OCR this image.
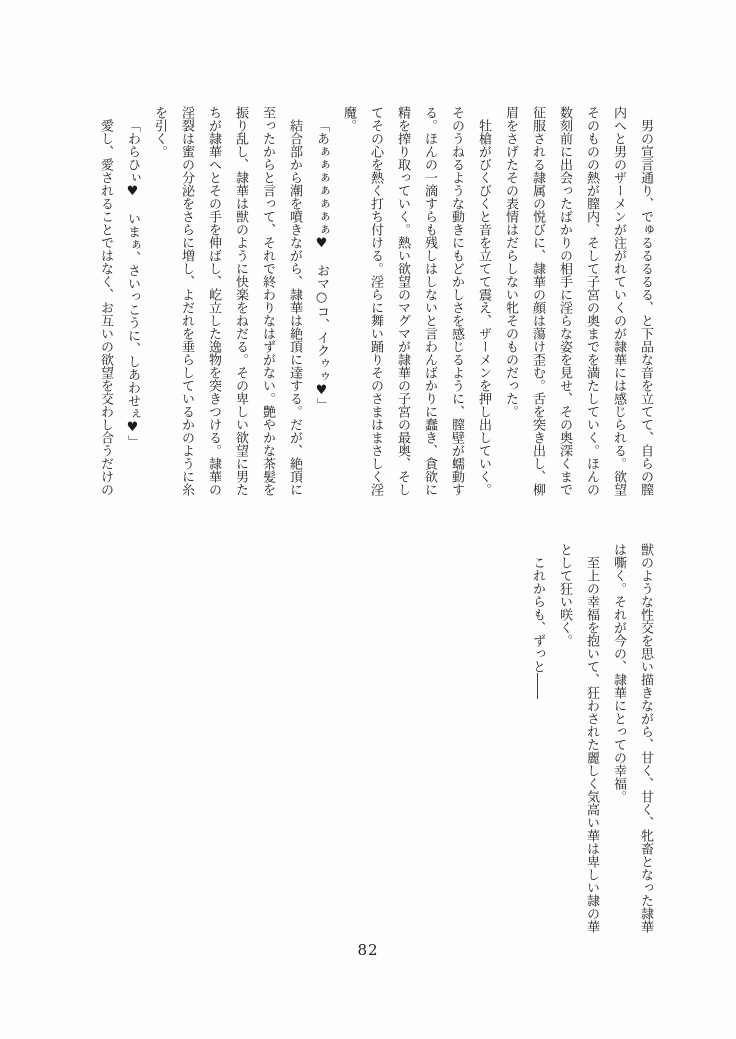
男の宣言通り、でゅるるるるる、と下品な音を立てて、自らの膣内へと男のザーメンが注がれていくのが隷華には感じられる。欲望そのものの熱が膣内、そして子宮の奥までを満たしていく。ほんの数刻前に出会ったばかりの相手に淫らな姿を見せ、その奥深くまで征服される隷属の悦びに、隷華の顔は蕩け歪む。舌を突き出し、柳眉をさげたその表情はだらしない牝そのものだった。

牡槍がびくびくと音を立てて震え、ザーメンを押し出していく。そのうねるような動きにもどかしさを感じるように、膣壁が蠕動する。ほんの一滴すらも残しはしないと言わんばかりに蠢き、貪欲に精を搾り取っていく。熱い欲望のマグマが隷華の子宮の最奥、そしてその心を熱く打ち付ける。淫らに舞い踊りそのさまはまさしく淫魔。

「あぁぁぁぁぁぁぁ♥　おマ○コ、イクゥゥ♥」

結合部から潮を噴きながら、隷華は絶頂に達する。だが、絶頂に至ったからと言って、それで終わりなはずがない。艶やかな茶髪を振り乱し、隷華は獣のように快楽をねだる。その卑しい欲望に男たちが隷華へとその手を伸ばし、屹立した逸物を突きつける。隷華の淫裂は蜜の分泌をさらに増し、よだれを垂らしているかのように糸を引く。

「わらひぃ♥　いまぁ、さいっこうに、しあわせぇ♥」

愛し、愛されることではなく、お互いの欲望を交わし合うだけの

獣のような性交を思い描きながら、甘く、甘く、牝畜となった隷華は嘶く。それが今の、隷華にとっての幸福。

至上の幸福を抱いて、狂わされた麗しく気高い華は卑しい隷の華として狂い咲く。

これからも、ずっと――

82
